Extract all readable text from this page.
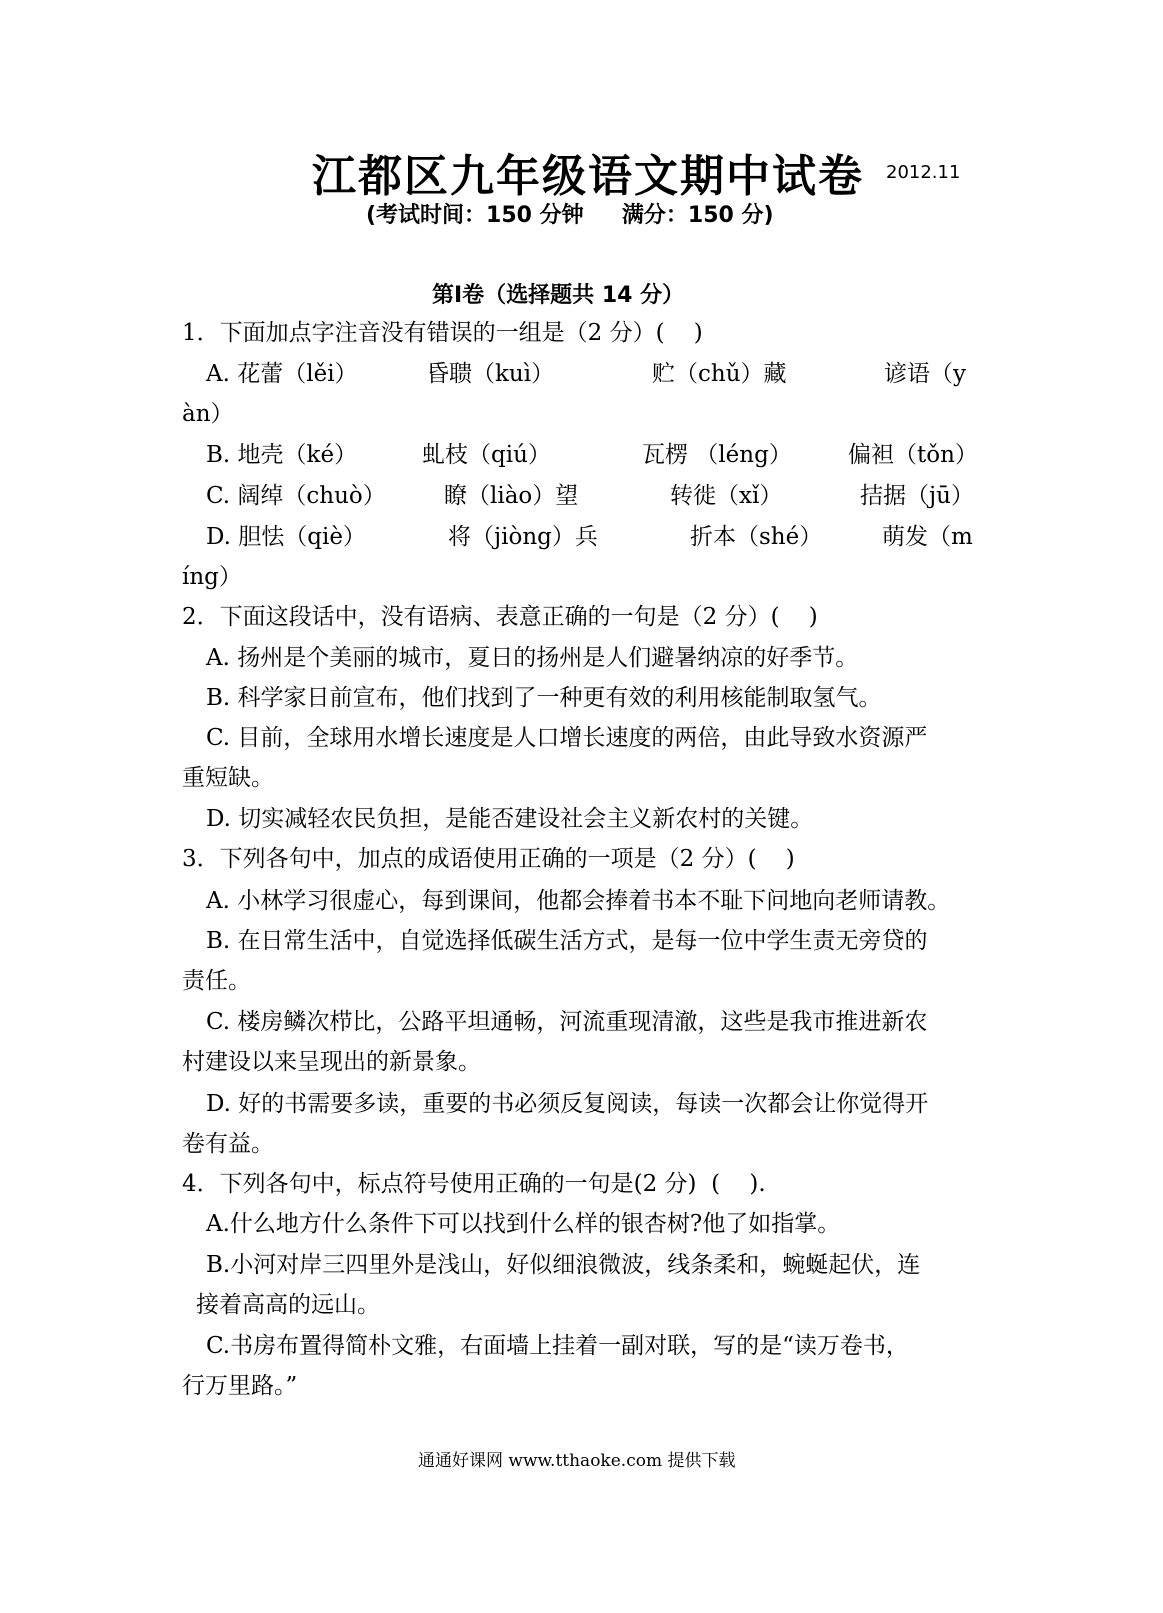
江都区九年级语文期中试卷 2012.11
(考试时间：150 分钟     满分：150 分)
第Ⅰ卷（选择题共 14 分）
1．下面加点字注音没有错误的一组是（2 分）(    )
A. 花蕾（lěi）	昏聩（kuì）	贮（chǔ）藏	谚语（y
àn）
B. 地壳（ké）	虬枝（qiú）	瓦楞 （léng） 偏袒（tǒn）
C. 阔绰（chuò）	瞭（liào）望	转徙（xǐ）	拮据（jū）
D. 胆怯（qiè）	将（jiòng）兵	折本（shé）	萌发（m
íng）
2．下面这段话中，没有语病、表意正确的一句是（2 分）(    )
A. 扬州是个美丽的城市，夏日的扬州是人们避暑纳凉的好季节。
B. 科学家日前宣布，他们找到了一种更有效的利用核能制取氢气。
C. 目前，全球用水增长速度是人口增长速度的两倍，由此导致水资源严
重短缺。
D. 切实减轻农民负担，是能否建设社会主义新农村的关键。
3．下列各句中，加点的成语使用正确的一项是（2 分）(    )
A. 小林学习很虚心，每到课间，他都会捧着书本不耻下问地向老师请教。
B. 在日常生活中，自觉选择低碳生活方式，是每一位中学生责无旁贷的
责任。
C. 楼房鳞次栉比，公路平坦通畅，河流重现清澈，这些是我市推进新农
村建设以来呈现出的新景象。
D. 好的书需要多读，重要的书必须反复阅读，每读一次都会让你觉得开
卷有益。
4．下列各句中，标点符号使用正确的一句是(2 分)  (    ).
A.什么地方什么条件下可以找到什么样的银杏树?他了如指掌。
B.小河对岸三四里外是浅山，好似细浪微波，线条柔和，蜿蜒起伏，连
接着高高的远山。
C.书房布置得简朴文雅，右面墙上挂着一副对联，写的是“读万卷书，
行万里路。”
通通好课网 www.tthaoke.com 提供下载
